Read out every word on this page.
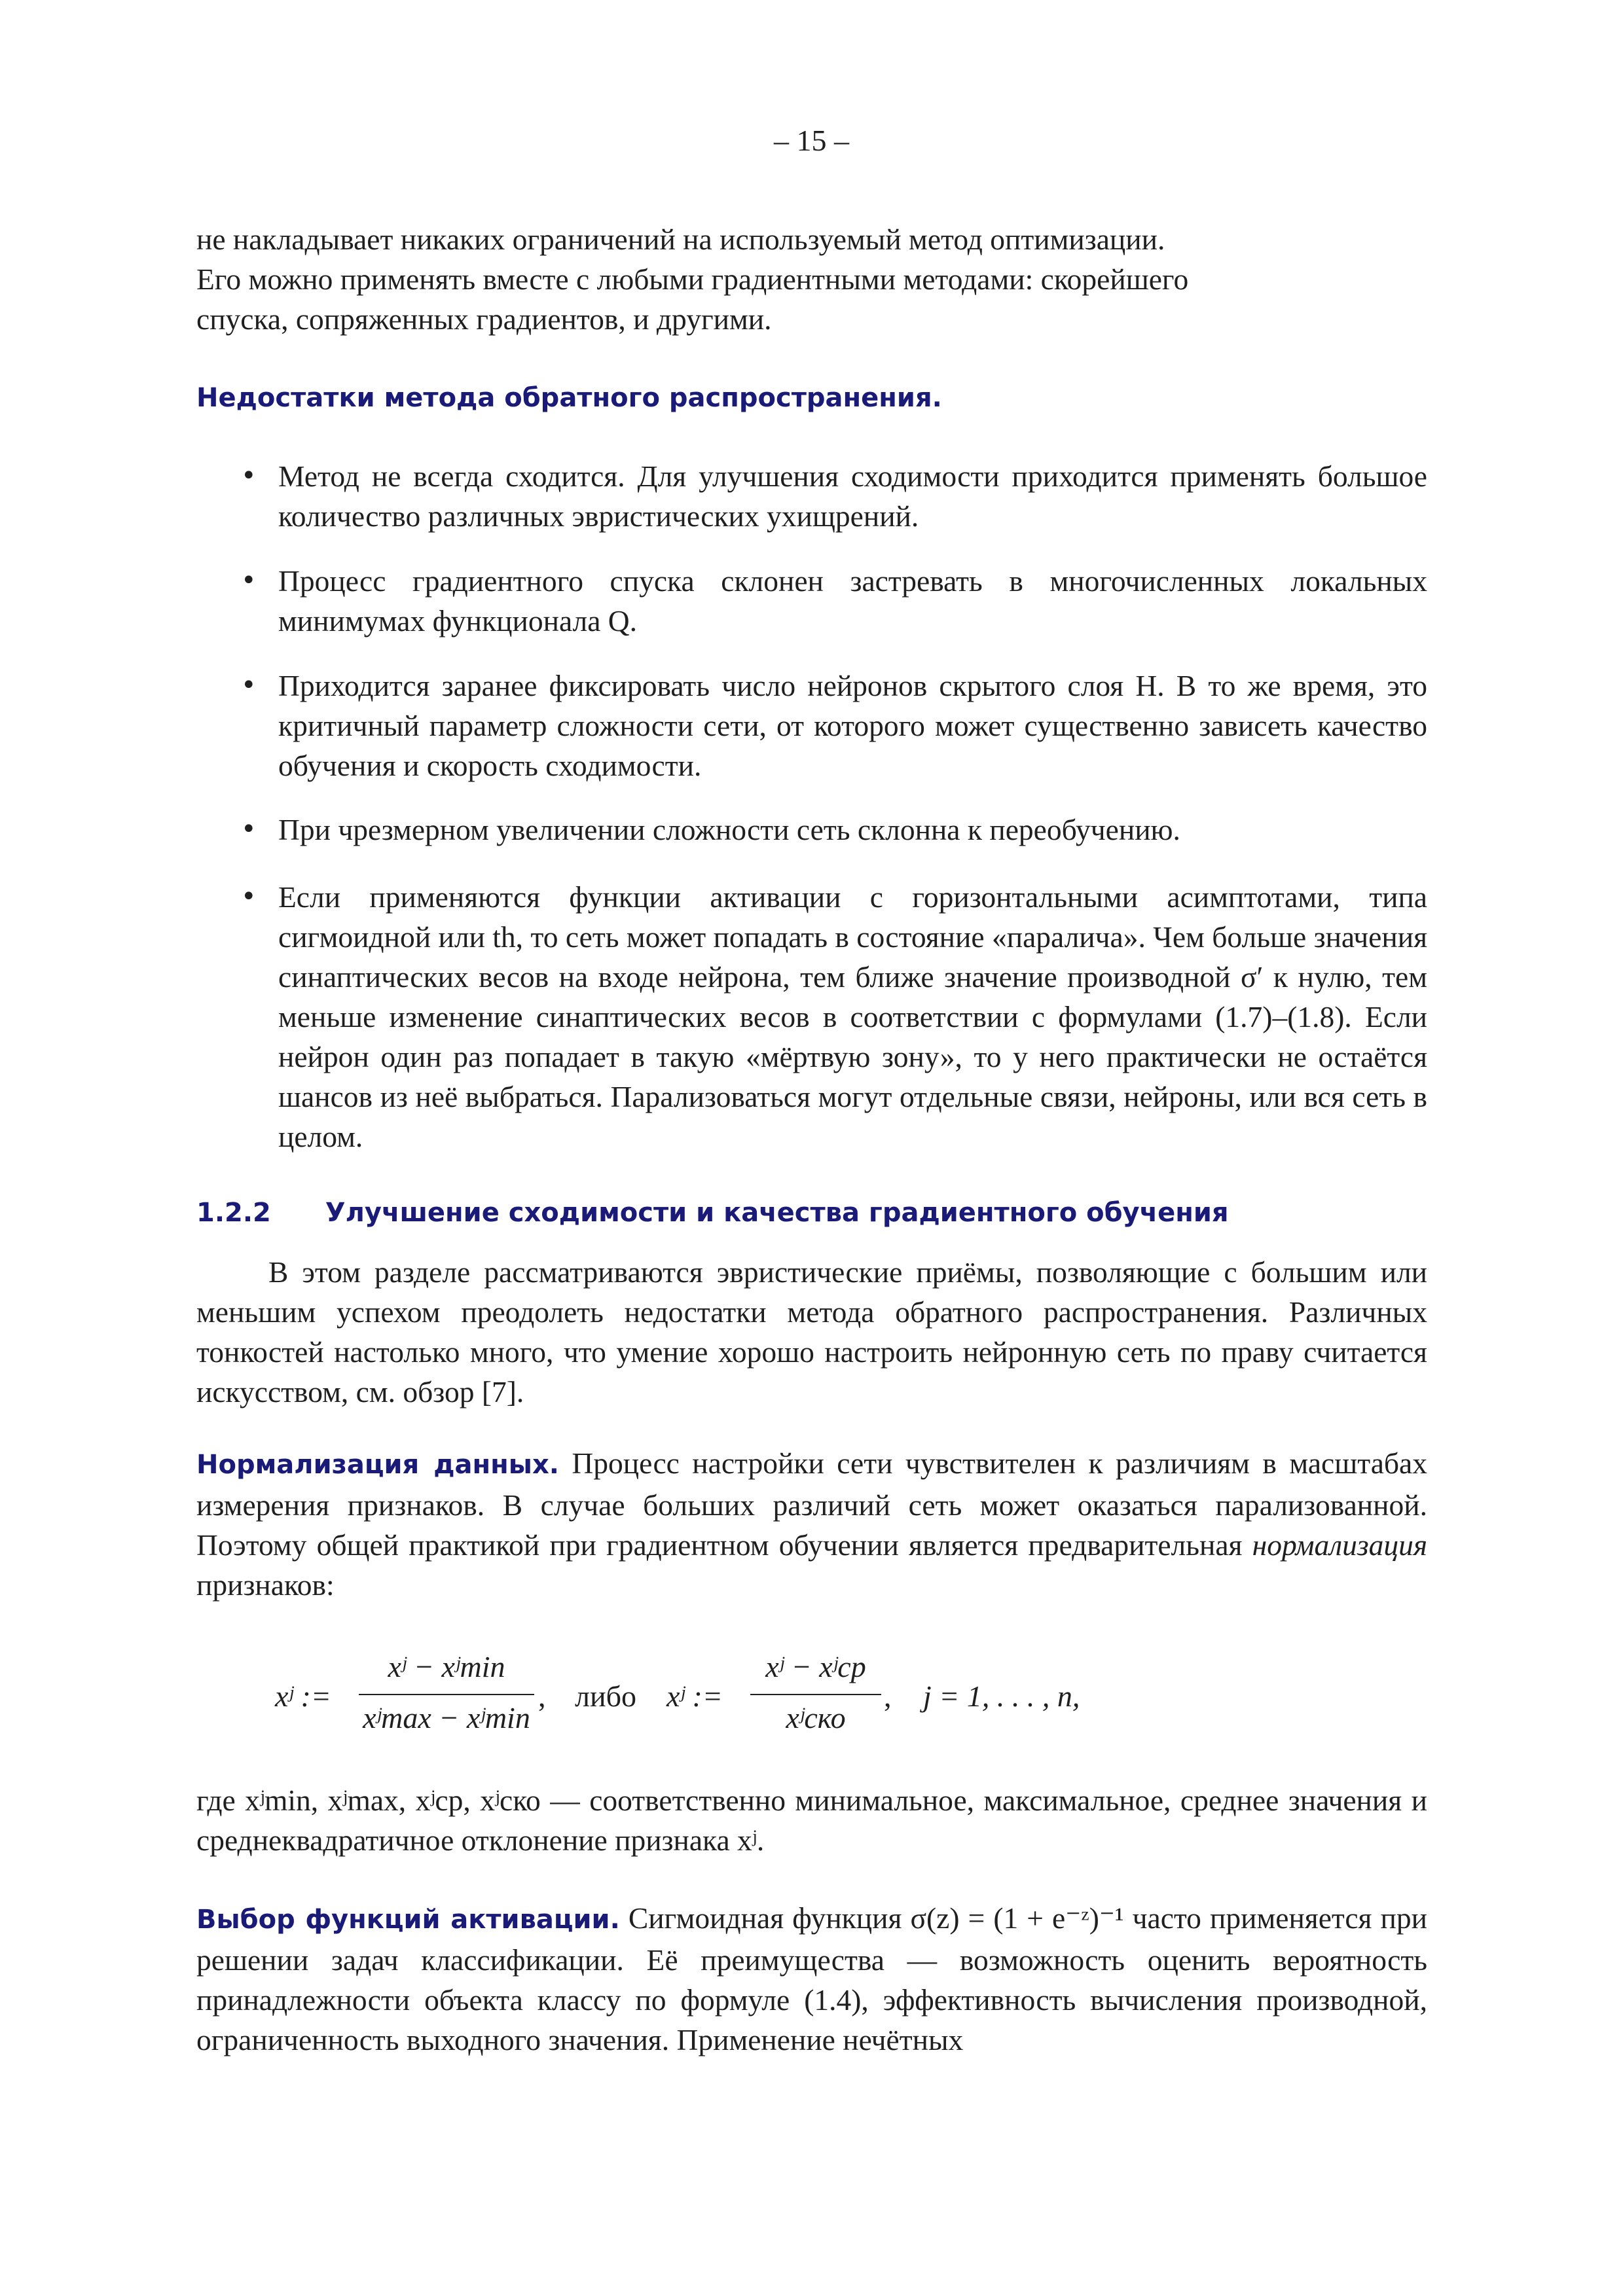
– 15 –
не накладывает никаких ограничений на используемый метод оптимизации.
Его можно применять вместе с любыми градиентными методами: скорейшего
спуска, сопряженных градиентов, и другими.
Недостатки метода обратного распространения.
• Метод не всегда сходится. Для улучшения сходимости приходится применять большое количество различных эвристических ухищрений.
• Процесс градиентного спуска склонен застревать в многочисленных локальных минимумах функционала Q.
• Приходится заранее фиксировать число нейронов скрытого слоя H. В то же время, это критичный параметр сложности сети, от которого может существенно зависеть качество обучения и скорость сходимости.
• При чрезмерном увеличении сложности сеть склонна к переобучению.
• Если применяются функции активации с горизонтальными асимптотами, типа сигмоидной или th, то сеть может попадать в состояние «паралича». Чем больше значения синаптических весов на входе нейрона, тем ближе значение производной σ′ к нулю, тем меньше изменение синаптических весов в соответствии с формулами (1.7)–(1.8). Если нейрон один раз попадает в такую «мёртвую зону», то у него практически не остаётся шансов из неё выбраться. Парализоваться могут отдельные связи, нейроны, или вся сеть в целом.
1.2.2 Улучшение сходимости и качества градиентного обучения
В этом разделе рассматриваются эвристические приёмы, позволяющие с большим или меньшим успехом преодолеть недостатки метода обратного распространения. Различных тонкостей настолько много, что умение хорошо настроить нейронную сеть по праву считается искусством, см. обзор [7].
Нормализация данных. Процесс настройки сети чувствителен к различиям в масштабах измерения признаков. В случае больших различий сеть может оказаться парализованной. Поэтому общей практикой при градиентном обучении является предварительная нормализация признаков:
xʲ :=
xʲ − xʲmin
xʲmax − xʲmin
, либо xʲ :=
xʲ − xʲср
xʲско
, j = 1, . . . , n,
где xʲmin, xʲmax, xʲср, xʲско — соответственно минимальное, максимальное, среднее значения и среднеквадратичное отклонение признака xʲ.
Выбор функций активации. Сигмоидная функция σ(z) = (1 + e⁻ᶻ)⁻¹ часто применяется при решении задач классификации. Её преимущества — возможность оценить вероятность принадлежности объекта классу по формуле (1.4), эффективность вычисления производной, ограниченность выходного значения. Применение нечётных
